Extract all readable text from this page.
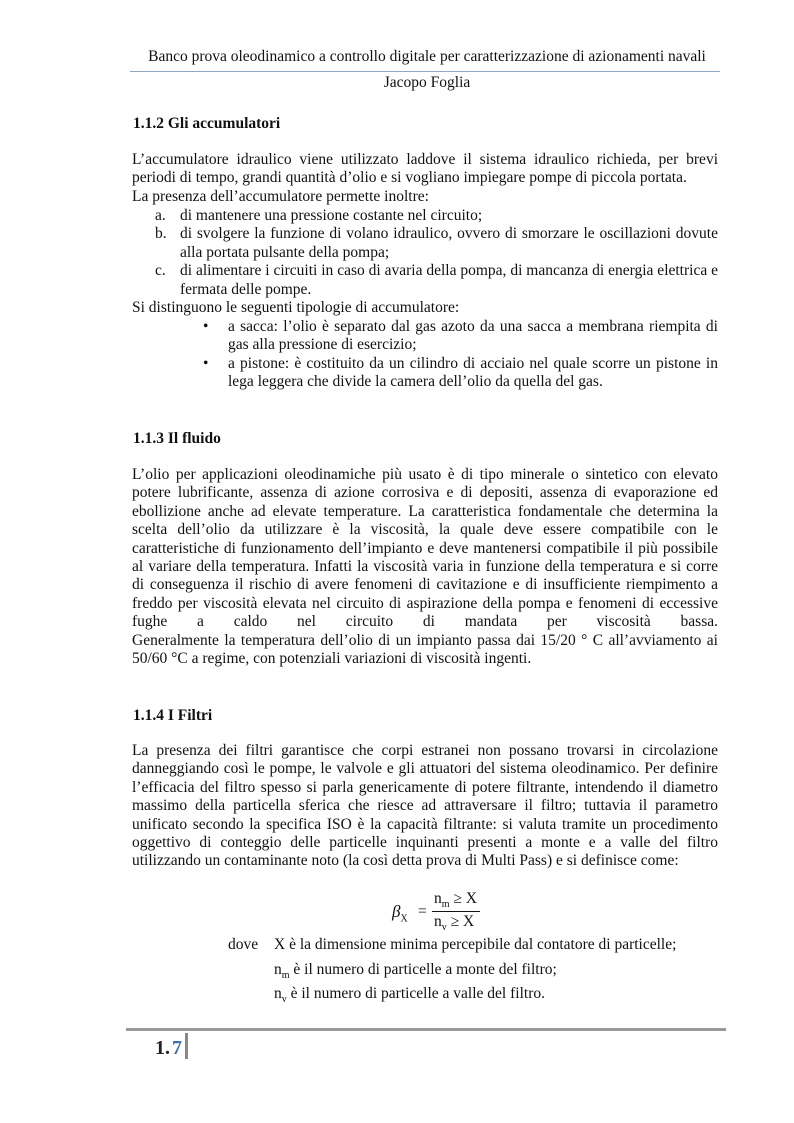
Banco prova oleodinamico a controllo digitale per caratterizzazione di azionamenti navali
Jacopo Foglia
1.1.2 Gli accumulatori

L’accumulatore idraulico viene utilizzato laddove il sistema idraulico richieda, per brevi periodi di tempo, grandi quantità d’olio e si vogliano impiegare pompe di piccola portata.

La presenza dell’accumulatore permette inoltre:

a. di mantenere una pressione costante nel circuito;
b. di svolgere la funzione di volano idraulico, ovvero di smorzare le oscillazioni dovute alla portata pulsante della pompa;
c. di alimentare i circuiti in caso di avaria della pompa, di mancanza di energia elettrica e fermata delle pompe.

Si distinguono le seguenti tipologie di accumulatore:

• a sacca: l’olio è separato dal gas azoto da una sacca a membrana riempita di gas alla pressione di esercizio;
• a pistone: è costituito da un cilindro di acciaio nel quale scorre un pistone in lega leggera che divide la camera dell’olio da quella del gas.
1.1.3 Il fluido

L’olio per applicazioni oleodinamiche più usato è di tipo minerale o sintetico con elevato potere lubrificante, assenza di azione corrosiva e di depositi, assenza di evaporazione ed ebollizione anche ad elevate temperature. La caratteristica fondamentale che determina la scelta dell’olio da utilizzare è la viscosità, la quale deve essere compatibile con le caratteristiche di funzionamento dell’impianto e deve mantenersi compatibile il più possibile al variare della temperatura. Infatti la viscosità varia in funzione della temperatura e si corre di conseguenza il rischio di avere fenomeni di cavitazione e di insufficiente riempimento a freddo per viscosità elevata nel circuito di aspirazione della pompa e fenomeni di eccessive fughe a caldo nel circuito di mandata per viscosità bassa.

Generalmente la temperatura dell’olio di un impianto passa dai 15/20 ° C all’avviamento ai 50/60 °C a regime, con potenziali variazioni di viscosità ingenti.

1.1.4 I Filtri

La presenza dei filtri garantisce che corpi estranei non possano trovarsi in circolazione danneggiando così le pompe, le valvole e gli attuatori del sistema oleodinamico. Per definire l’efficacia del filtro spesso si parla genericamente di potere filtrante, intendendo il diametro massimo della particella sferica che riesce ad attraversare il filtro; tuttavia il parametro unificato secondo la specifica ISO è la capacità filtrante: si valuta tramite un procedimento oggettivo di conteggio delle particelle inquinanti presenti a monte e a valle del filtro utilizzando un contaminante noto (la così detta prova di Multi Pass) e si definisce come:

$\beta_X$ =
$n_m \ge X$
$n_v \ge X$
dove X è la dimensione minima percepibile dal contatore di particelle;
$n_m$ è il numero di particelle a monte del filtro;
$n_v$ è il numero di particelle a valle del filtro.
1. 7
